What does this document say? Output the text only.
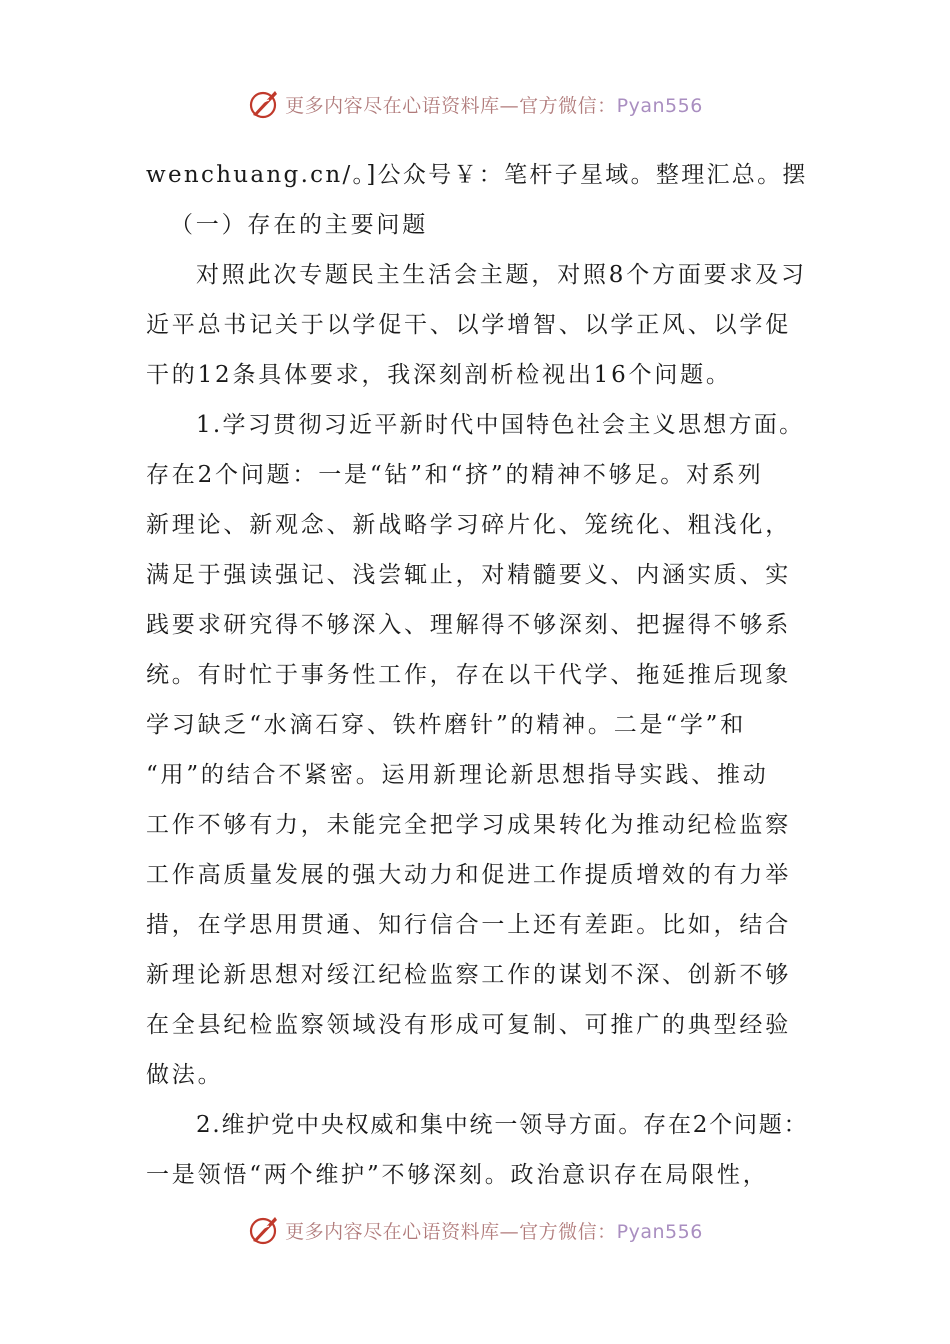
更多内容尽在心语资料库—官方微信：Pyan556
wenchuang.cn/。]公众号￥：笔杆子星域。整理汇总。摆
（一）存在的主要问题
对照此次专题民主生活会主题，对照8个方面要求及习
近平总书记关于以学促干、以学增智、以学正风、以学促
干的12条具体要求，我深刻剖析检视出16个问题。
1.学习贯彻习近平新时代中国特色社会主义思想方面。
存在2个问题：一是“钻”和“挤”的精神不够足。对系列
新理论、新观念、新战略学习碎片化、笼统化、粗浅化，
满足于强读强记、浅尝辄止，对精髓要义、内涵实质、实
践要求研究得不够深入、理解得不够深刻、把握得不够系
统。有时忙于事务性工作，存在以干代学、拖延推后现象
学习缺乏“水滴石穿、铁杵磨针”的精神。二是“学”和
“用”的结合不紧密。运用新理论新思想指导实践、推动
工作不够有力，未能完全把学习成果转化为推动纪检监察
工作高质量发展的强大动力和促进工作提质增效的有力举
措，在学思用贯通、知行信合一上还有差距。比如，结合
新理论新思想对绥江纪检监察工作的谋划不深、创新不够
在全县纪检监察领域没有形成可复制、可推广的典型经验
做法。
2.维护党中央权威和集中统一领导方面。存在2个问题：
一是领悟“两个维护”不够深刻。政治意识存在局限性，
更多内容尽在心语资料库—官方微信：Pyan556
